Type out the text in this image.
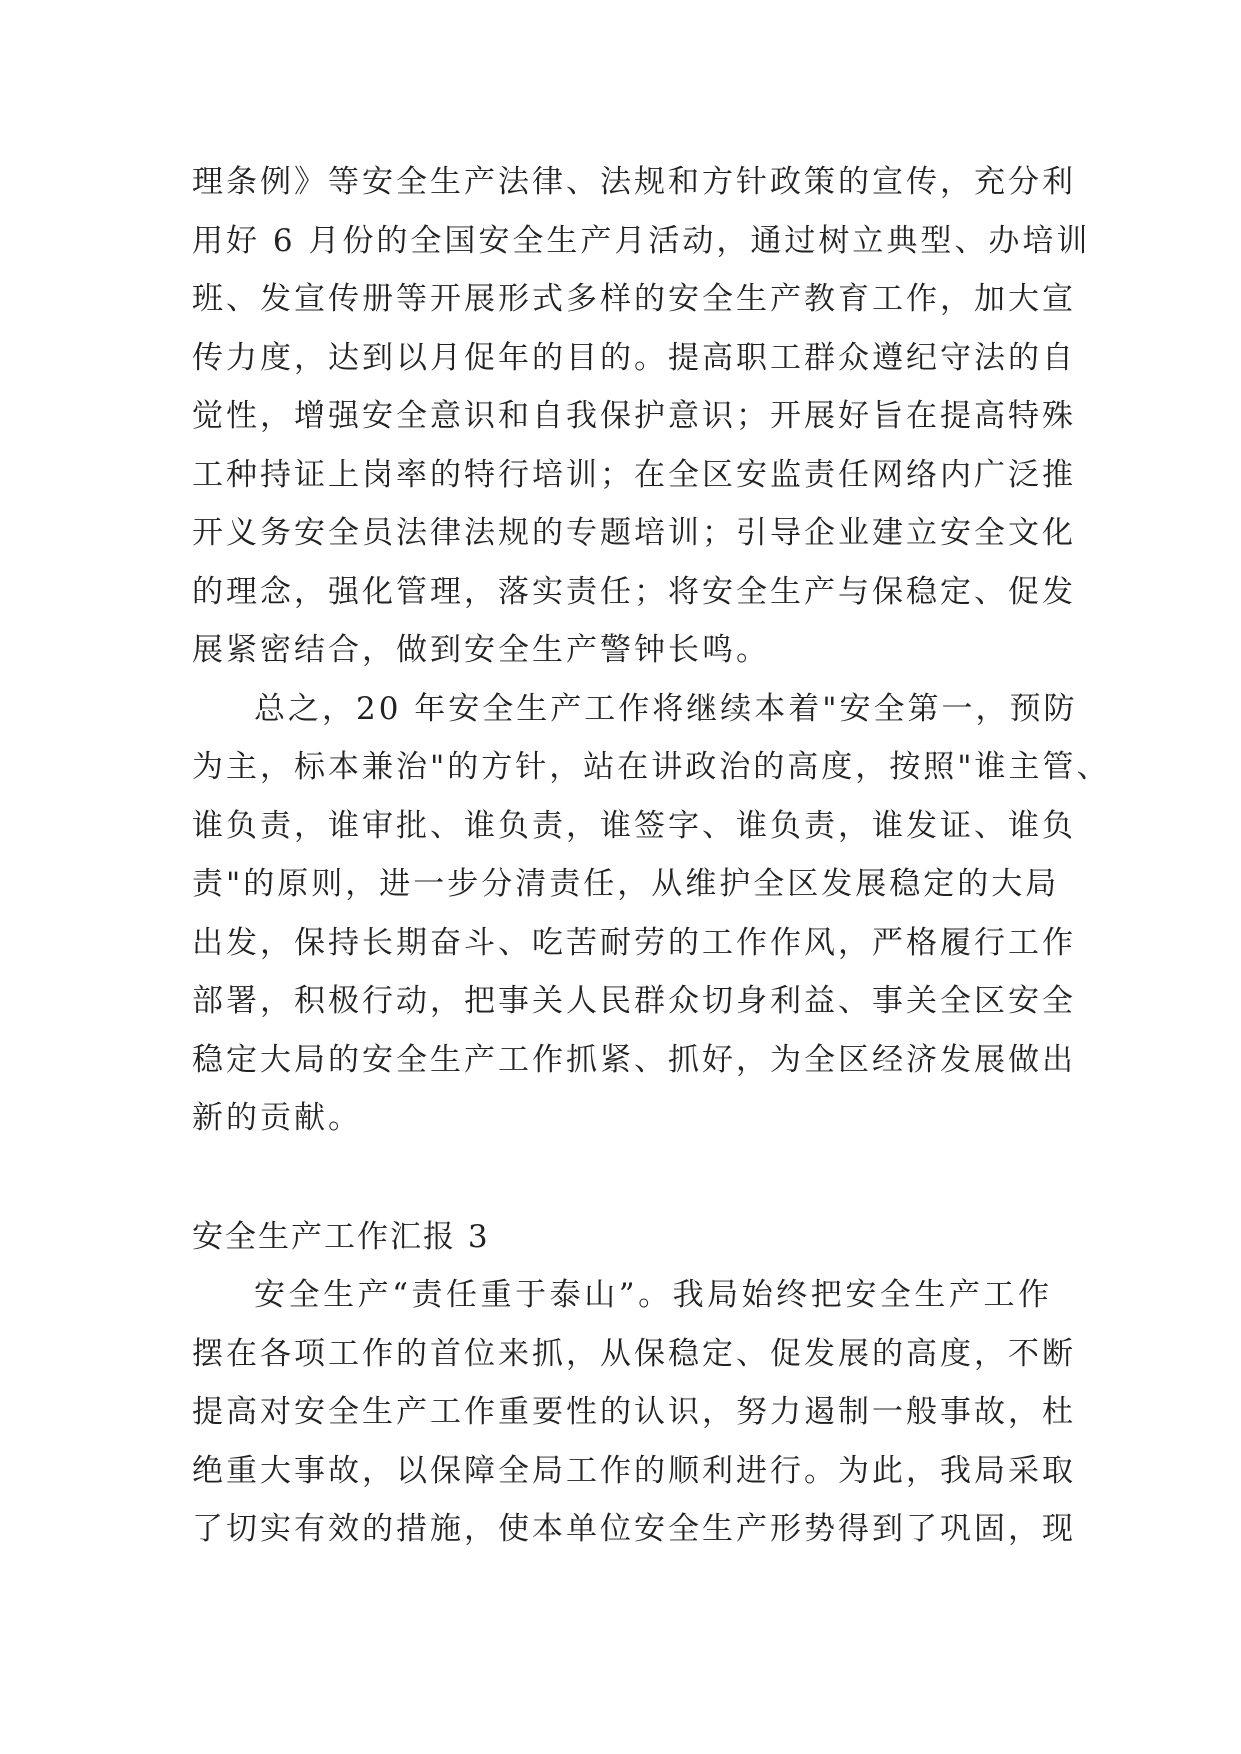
理条例》等安全生产法律、法规和方针政策的宣传，充分利
用好 6 月份的全国安全生产月活动，通过树立典型、办培训
班、发宣传册等开展形式多样的安全生产教育工作，加大宣
传力度，达到以月促年的目的。提高职工群众遵纪守法的自
觉性，增强安全意识和自我保护意识；开展好旨在提高特殊
工种持证上岗率的特行培训；在全区安监责任网络内广泛推
开义务安全员法律法规的专题培训；引导企业建立安全文化
的理念，强化管理，落实责任；将安全生产与保稳定、促发
展紧密结合，做到安全生产警钟长鸣。

总之，20 年安全生产工作将继续本着"安全第一，预防
为主，标本兼治"的方针，站在讲政治的高度，按照"谁主管、
谁负责，谁审批、谁负责，谁签字、谁负责，谁发证、谁负
责"的原则，进一步分清责任，从维护全区发展稳定的大局
出发，保持长期奋斗、吃苦耐劳的工作作风，严格履行工作
部署，积极行动，把事关人民群众切身利益、事关全区安全
稳定大局的安全生产工作抓紧、抓好，为全区经济发展做出
新的贡献。

安全生产工作汇报 3

安全生产“责任重于泰山”。我局始终把安全生产工作
摆在各项工作的首位来抓，从保稳定、促发展的高度，不断
提高对安全生产工作重要性的认识，努力遏制一般事故，杜
绝重大事故，以保障全局工作的顺利进行。为此，我局采取
了切实有效的措施，使本单位安全生产形势得到了巩固，现
